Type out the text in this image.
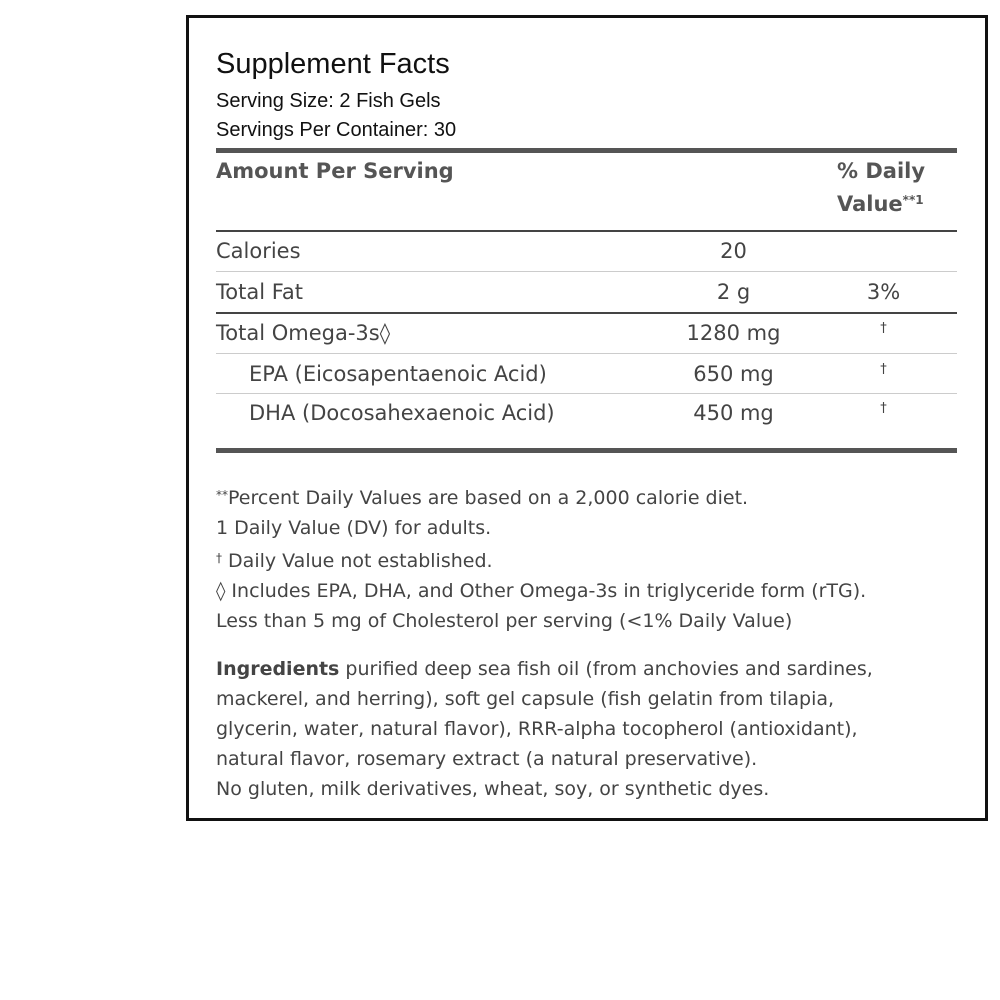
Supplement Facts
Serving Size: 2 Fish Gels
Servings Per Container: 30
Amount Per Serving	% Daily
Value$^{**1}$
Calories	20
Total Fat	2 g	3%
Total Omega-3s◊	1280 mg	†
EPA (Eicosapentaenoic Acid)	650 mg	†
DHA (Docosahexaenoic Acid)	450 mg	†
**Percent Daily Values are based on a 2,000 calorie diet.
1 Daily Value (DV) for adults.
† Daily Value not established.
◊ Includes EPA, DHA, and Other Omega-3s in triglyceride form (rTG).
Less than 5 mg of Cholesterol per serving (<1% Daily Value)
Ingredients purified deep sea fish oil (from anchovies and sardines,
mackerel, and herring), soft gel capsule (fish gelatin from tilapia,
glycerin, water, natural flavor), RRR-alpha tocopherol (antioxidant),
natural flavor, rosemary extract (a natural preservative).
No gluten, milk derivatives, wheat, soy, or synthetic dyes.
